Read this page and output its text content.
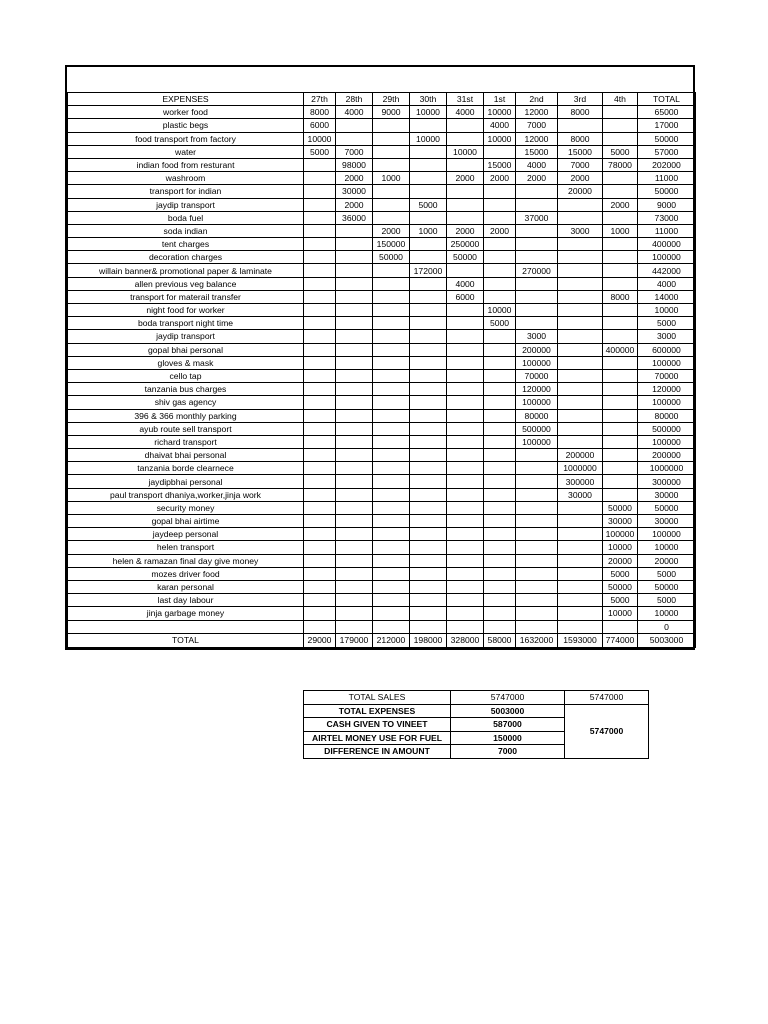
EXPENSES	27th	28th	29th	30th	31st	1st	2nd	3rd	4th	TOTAL
worker food	8000	4000	9000	10000	4000	10000	12000	8000		65000
plastic begs	6000					4000	7000			17000
food transport from factory	10000			10000		10000	12000	8000		50000
water	5000	7000			10000		15000	15000	5000	57000
indian food from resturant		98000				15000	4000	7000	78000	202000
washroom		2000	1000		2000	2000	2000	2000		11000
transport for indian		30000						20000		50000
jaydip transport		2000		5000					2000	9000
boda fuel		36000					37000			73000
soda indian			2000	1000	2000	2000		3000	1000	11000
tent charges			150000		250000					400000
decoration charges			50000		50000					100000
willain banner& promotional paper & laminate				172000			270000			442000
allen previous veg balance					4000					4000
transport for materail transfer					6000				8000	14000
night food for worker						10000				10000
boda transport night time						5000				5000
jaydip transport							3000			3000
gopal bhai personal							200000		400000	600000
gloves & mask							100000			100000
cello tap							70000			70000
tanzania bus charges							120000			120000
shiv gas agency							100000			100000
396 & 366 monthly parking							80000			80000
ayub route sell transport							500000			500000
richard transport							100000			100000
dhaivat bhai personal								200000		200000
tanzania borde clearnece								1000000		1000000
jaydipbhai personal								300000		300000
paul transport dhaniya,worker,jinja work								30000		30000
security money									50000	50000
gopal bhai airtime									30000	30000
jaydeep personal									100000	100000
helen transport									10000	10000
helen & ramazan final day give money									20000	20000
mozes driver food									5000	5000
karan personal									50000	50000
last day labour									5000	5000
jinja garbage money									10000	10000
										0
TOTAL	29000	179000	212000	198000	328000	58000	1632000	1593000	774000	5003000
TOTAL SALES	5747000	5747000
TOTAL EXPENSES	5003000	5747000
CASH GIVEN TO VINEET	587000	
AIRTEL MONEY USE FOR FUEL	150000	
DIFFERENCE IN AMOUNT	7000	
